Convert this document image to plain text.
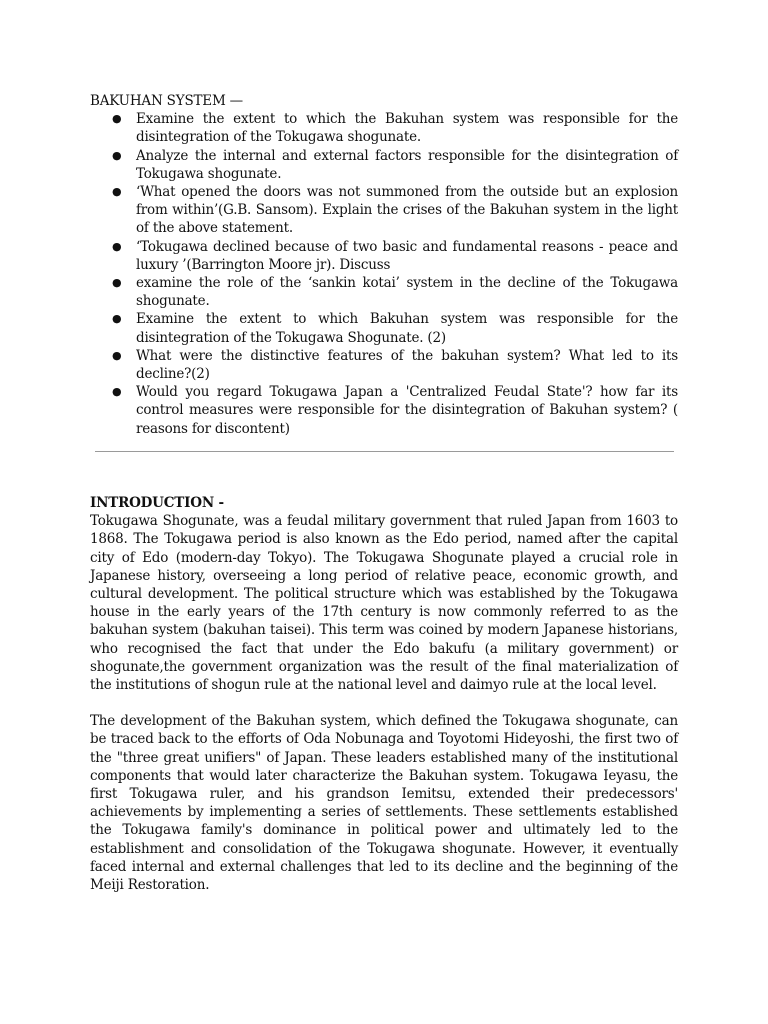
BAKUHAN SYSTEM —
● Examine the extent to which the Bakuhan system was responsible for the disintegration of the Tokugawa shogunate.
● Analyze the internal and external factors responsible for the disintegration of Tokugawa shogunate.
● ‘What opened the doors was not summoned from the outside but an explosion from within’(G.B. Sansom). Explain the crises of the Bakuhan system in the light of the above statement.
● ‘Tokugawa declined because of two basic and fundamental reasons - peace and luxury ’(Barrington Moore jr). Discuss
● examine the role of the ‘sankin kotai’ system in the decline of the Tokugawa shogunate.
● Examine the extent to which Bakuhan system was responsible for the disintegration of the Tokugawa Shogunate. (2)
● What were the distinctive features of the bakuhan system? What led to its decline?(2)
● Would you regard Tokugawa Japan a 'Centralized Feudal State'? how far its control measures were responsible for the disintegration of Bakuhan system? ( reasons for discontent)
INTRODUCTION -

Tokugawa Shogunate, was a feudal military government that ruled Japan from 1603 to 1868. The Tokugawa period is also known as the Edo period, named after the capital city of Edo (modern-day Tokyo). The Tokugawa Shogunate played a crucial role in Japanese history, overseeing a long period of relative peace, economic growth, and cultural development. The political structure which was established by the Tokugawa house in the early years of the 17th century is now commonly referred to as the bakuhan system (bakuhan taisei). This term was coined by modern Japanese historians, who recognised the fact that under the Edo bakufu (a military government) or shogunate,the government organization was the result of the final materialization of the institutions of shogun rule at the national level and daimyo rule at the local level.

The development of the Bakuhan system, which defined the Tokugawa shogunate, can be traced back to the efforts of Oda Nobunaga and Toyotomi Hideyoshi, the first two of the "three great unifiers" of Japan. These leaders established many of the institutional components that would later characterize the Bakuhan system. Tokugawa Ieyasu, the first Tokugawa ruler, and his grandson Iemitsu, extended their predecessors' achievements by implementing a series of settlements. These settlements established the Tokugawa family's dominance in political power and ultimately led to the establishment and consolidation of the Tokugawa shogunate. However, it eventually faced internal and external challenges that led to its decline and the beginning of the Meiji Restoration.
